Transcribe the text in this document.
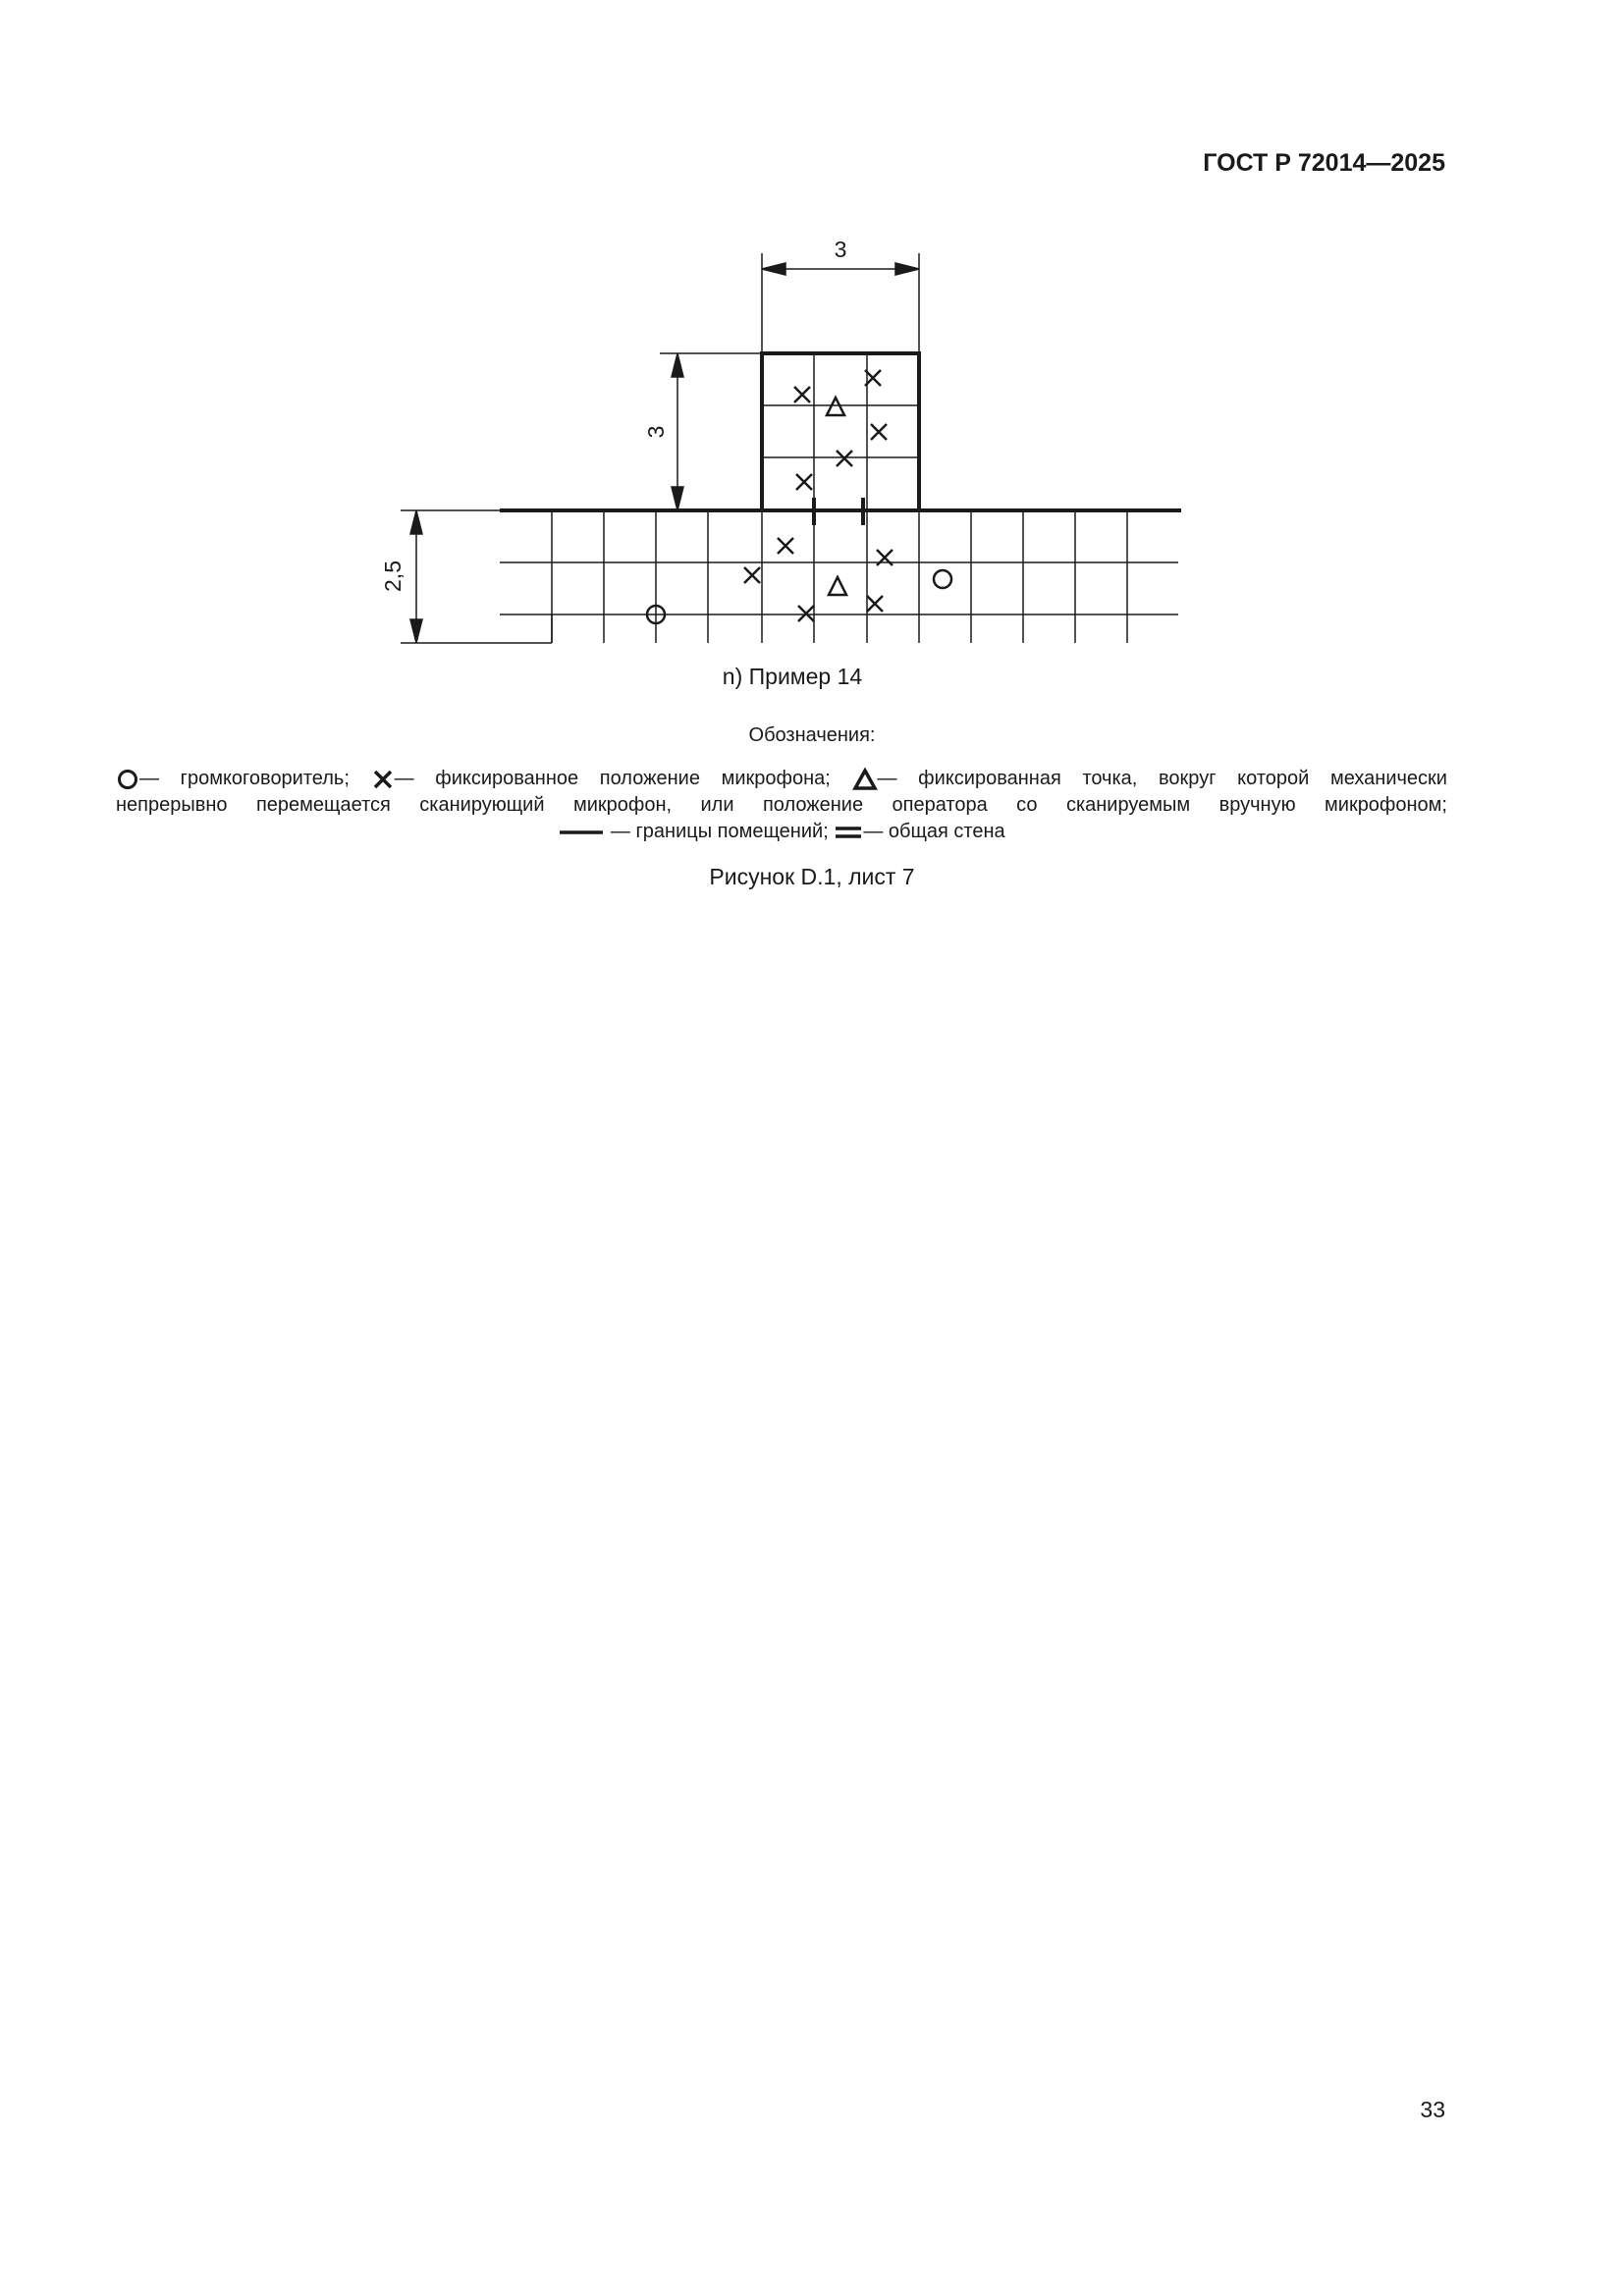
ГОСТ Р 72014—2025
3
3
2,5
n) Пример 14
Обозначения:
— громкоговоритель; — фиксированное положение микрофона; — фиксированная точка, вокруг которой механически
непрерывно перемещается сканирующий микрофон, или положение оператора со сканируемым вручную микрофоном;
— границы помещений; — общая стена
Рисунок D.1, лист 7
33
